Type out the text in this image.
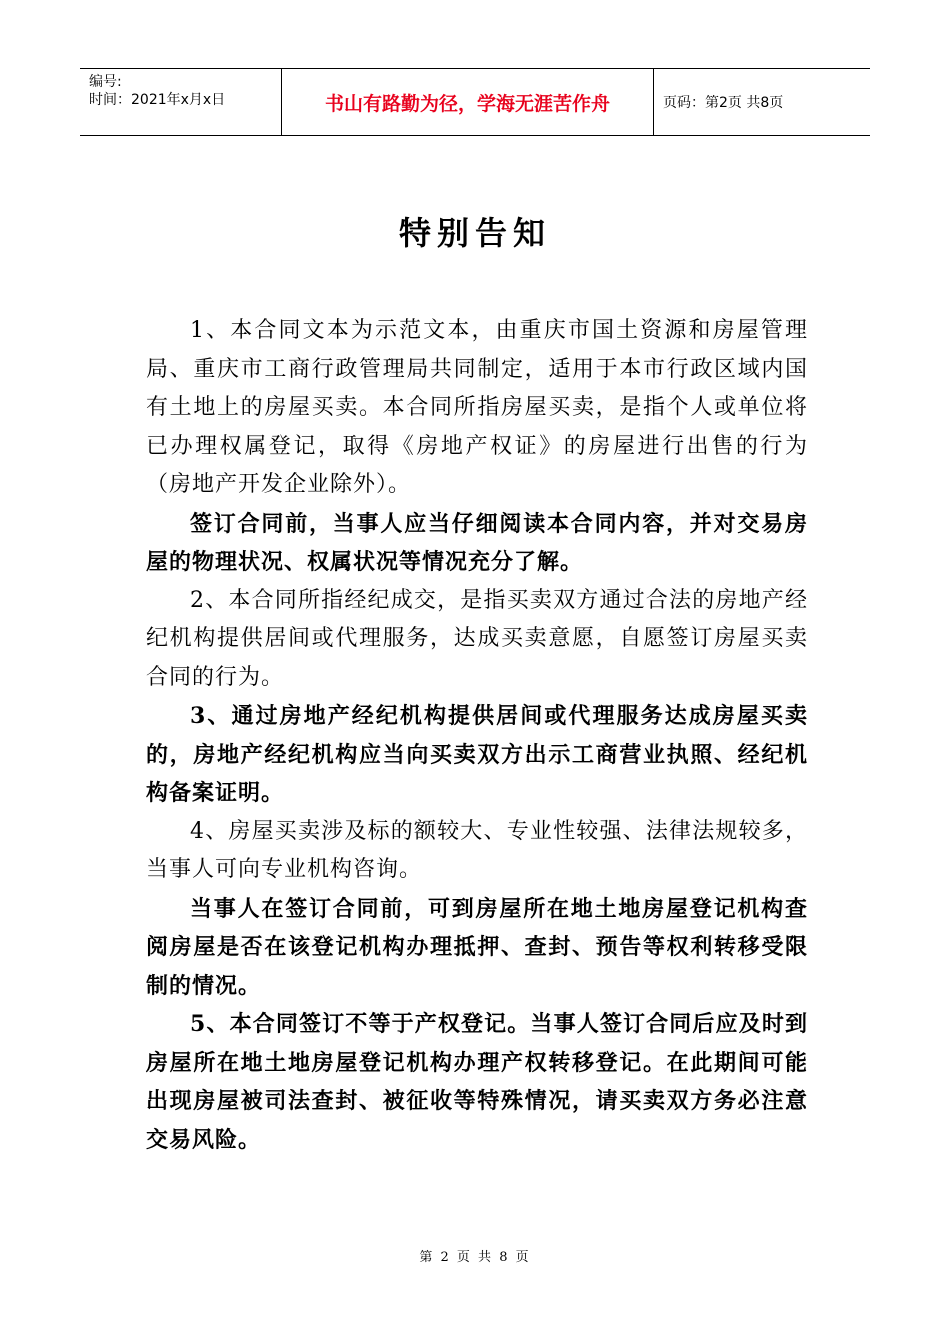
编号:
时间：2021年x月x日	书山有路勤为径，学海无涯苦作舟	页码：第2页 共8页
特别告知

1、本合同文本为示范文本，由重庆市国土资源和房屋管理局、重庆市工商行政管理局共同制定，适用于本市行政区域内国有土地上的房屋买卖。本合同所指房屋买卖，是指个人或单位将已办理权属登记，取得《房地产权证》的房屋进行出售的行为（房地产开发企业除外）。

签订合同前，当事人应当仔细阅读本合同内容，并对交易房屋的物理状况、权属状况等情况充分了解。

2、本合同所指经纪成交，是指买卖双方通过合法的房地产经纪机构提供居间或代理服务，达成买卖意愿，自愿签订房屋买卖合同的行为。

3、通过房地产经纪机构提供居间或代理服务达成房屋买卖的，房地产经纪机构应当向买卖双方出示工商营业执照、经纪机构备案证明。

4、房屋买卖涉及标的额较大、专业性较强、法律法规较多，当事人可向专业机构咨询。

当事人在签订合同前，可到房屋所在地土地房屋登记机构查阅房屋是否在该登记机构办理抵押、查封、预告等权利转移受限制的情况。

5、本合同签订不等于产权登记。当事人签订合同后应及时到房屋所在地土地房屋登记机构办理产权转移登记。在此期间可能出现房屋被司法查封、被征收等特殊情况，请买卖双方务必注意交易风险。

第 2 页 共 8 页
